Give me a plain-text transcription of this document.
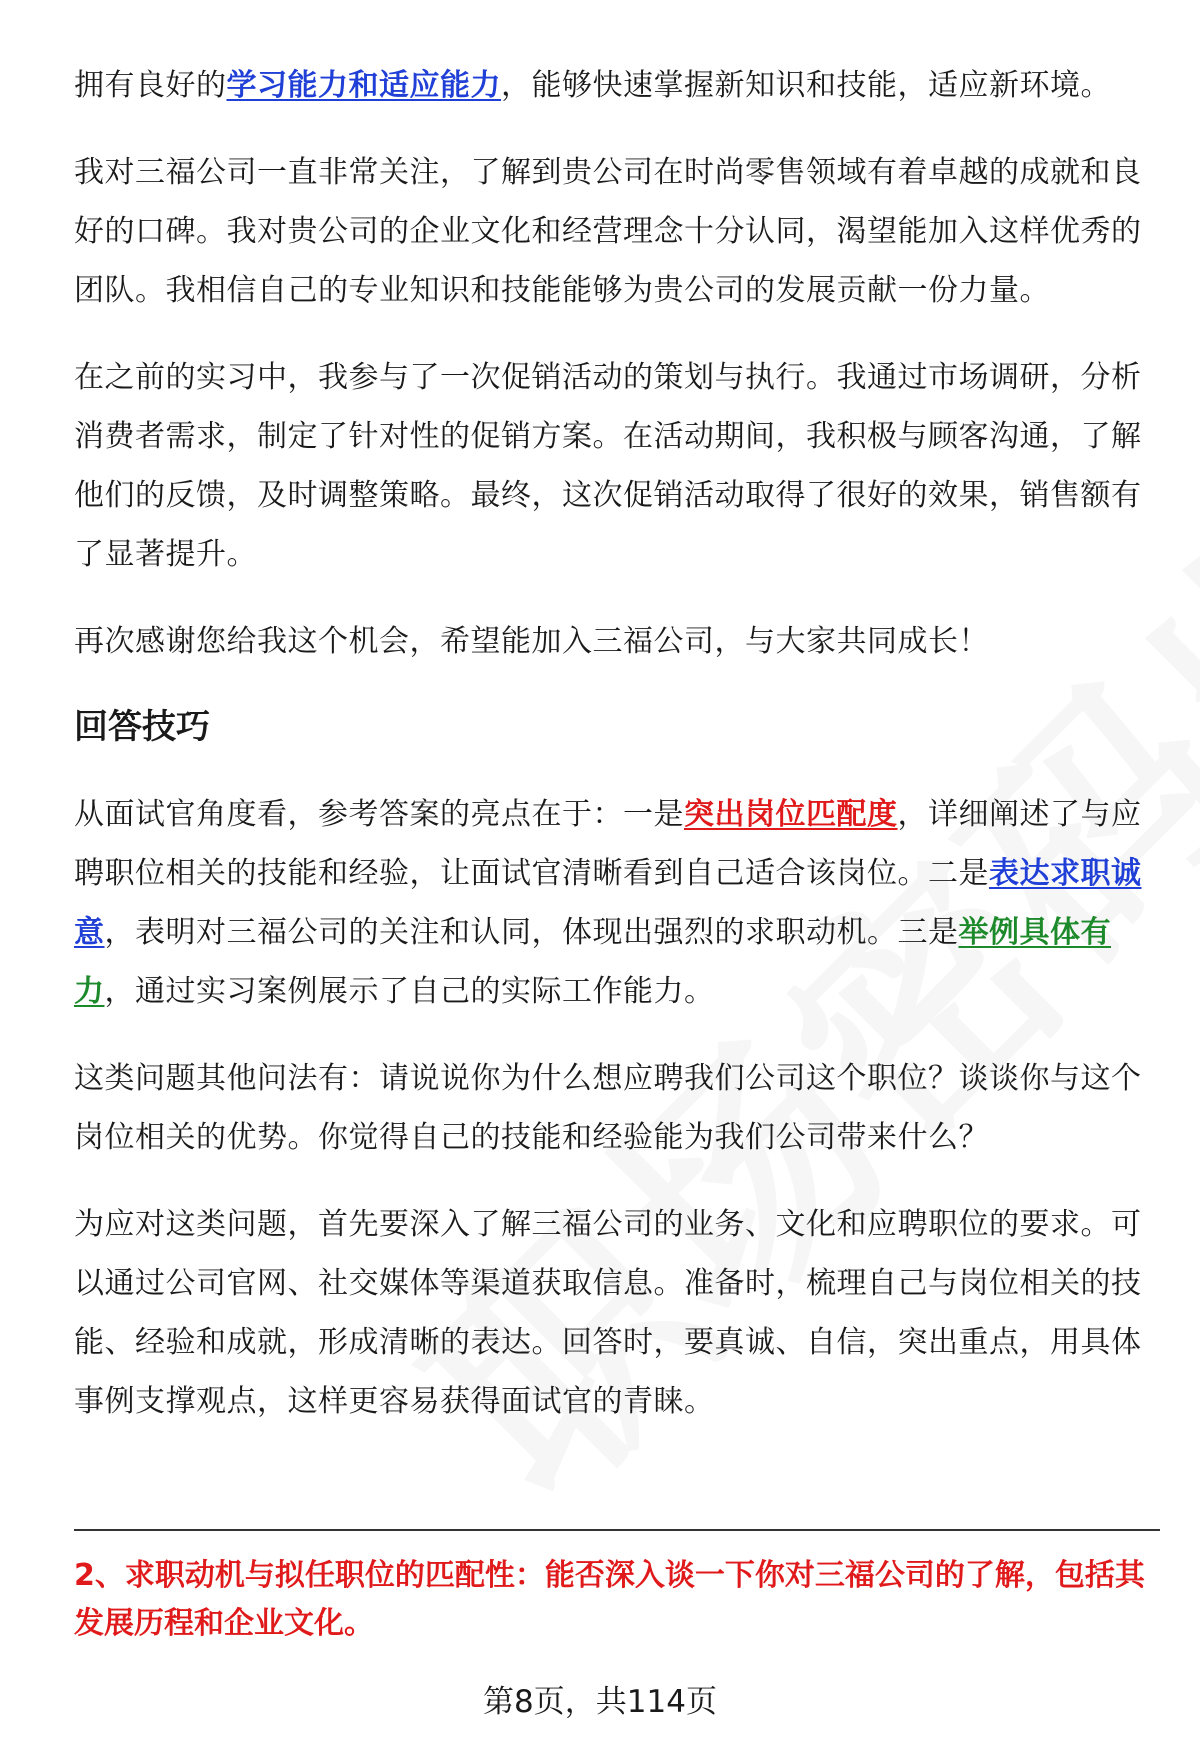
拥有良好的学习能力和适应能力，能够快速掌握新知识和技能，适应新环境。

我对三福公司一直非常关注，了解到贵公司在时尚零售领域有着卓越的成就和良好的口碑。我对贵公司的企业文化和经营理念十分认同，渴望能加入这样优秀的团队。我相信自己的专业知识和技能能够为贵公司的发展贡献一份力量。

在之前的实习中，我参与了一次促销活动的策划与执行。我通过市场调研，分析消费者需求，制定了针对性的促销方案。在活动期间，我积极与顾客沟通，了解他们的反馈，及时调整策略。最终，这次促销活动取得了很好的效果，销售额有了显著提升。

再次感谢您给我这个机会，希望能加入三福公司，与大家共同成长！

回答技巧

从面试官角度看，参考答案的亮点在于：一是突出岗位匹配度，详细阐述了与应聘职位相关的技能和经验，让面试官清晰看到自己适合该岗位。二是表达求职诚意，表明对三福公司的关注和认同，体现出强烈的求职动机。三是举例具体有力，通过实习案例展示了自己的实际工作能力。

这类问题其他问法有：请说说你为什么想应聘我们公司这个职位？谈谈你与这个岗位相关的优势。你觉得自己的技能和经验能为我们公司带来什么？

为应对这类问题，首先要深入了解三福公司的业务、文化和应聘职位的要求。可以通过公司官网、社交媒体等渠道获取信息。准备时，梳理自己与岗位相关的技能、经验和成就，形成清晰的表达。回答时，要真诚、自信，突出重点，用具体事例支撑观点，这样更容易获得面试官的青睐。

2、求职动机与拟任职位的匹配性：能否深入谈一下你对三福公司的了解，包括其发展历程和企业文化。
第8页，共114页
